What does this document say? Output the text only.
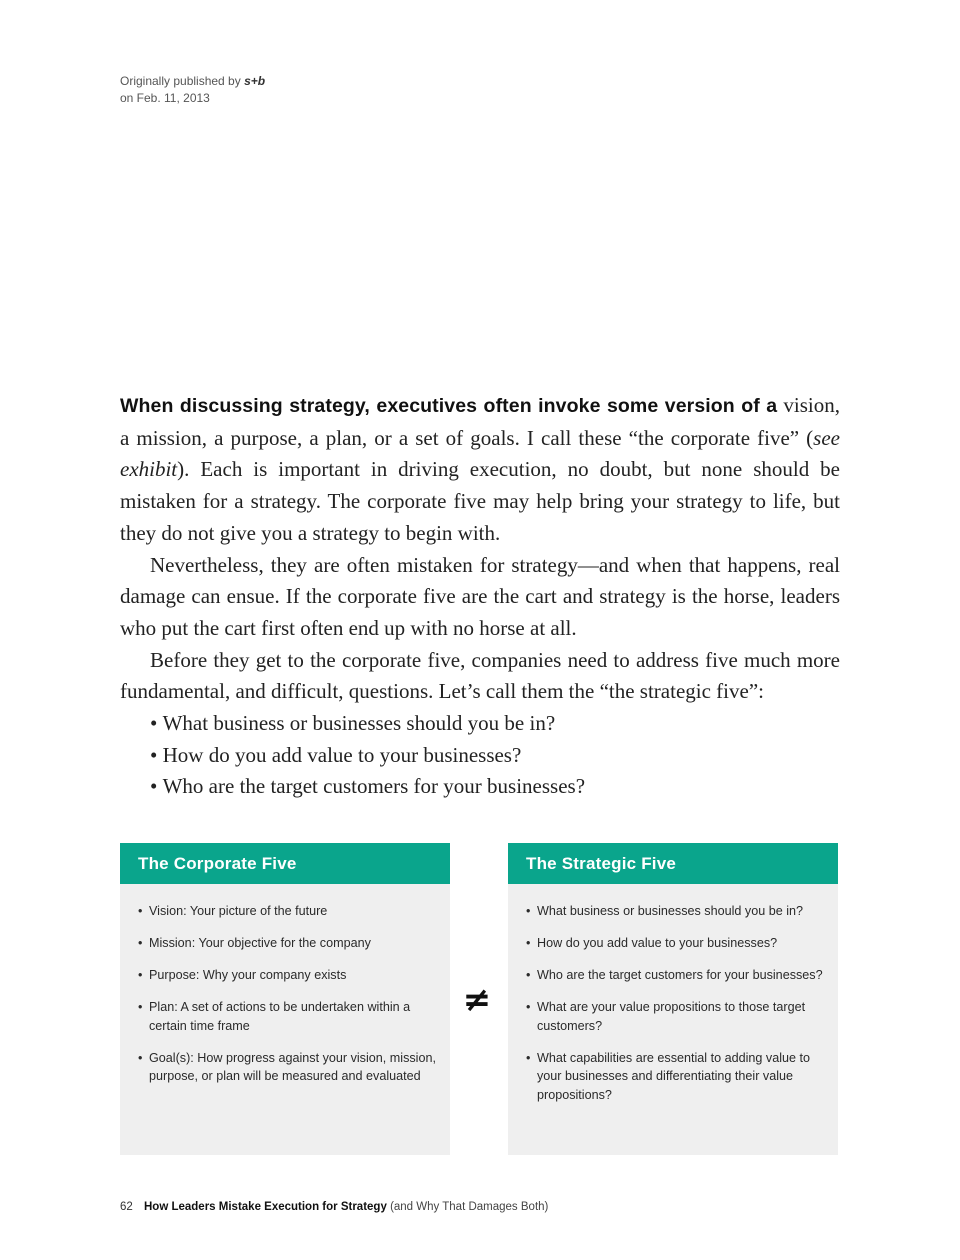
Originally published by s+b
on Feb. 11, 2013

When discussing strategy, executives often invoke some version of a vision, a mission, a purpose, a plan, or a set of goals. I call these “the corporate five” (see exhibit). Each is important in driving execution, no doubt, but none should be mistaken for a strategy. The corporate five may help bring your strategy to life, but they do not give you a strategy to begin with.

Nevertheless, they are often mistaken for strategy—and when that happens, real damage can ensue. If the corporate five are the cart and strategy is the horse, leaders who put the cart first often end up with no horse at all.

Before they get to the corporate five, companies need to address five much more fundamental, and difficult, questions. Let’s call them the “the strategic five”:

• What business or businesses should you be in?
• How do you add value to your businesses?
• Who are the target customers for your businesses?
The Corporate Five
• Vision: Your picture of the future
• Mission: Your objective for the company
• Purpose: Why your company exists
• Plan: A set of actions to be undertaken within a certain time frame
• Goal(s): How progress against your vision, mission, purpose, or plan will be measured and evaluated
≠
The Strategic Five
• What business or businesses should you be in?
• How do you add value to your businesses?
• Who are the target customers for your businesses?
• What are your value propositions to those target customers?
• What capabilities are essential to adding value to your businesses and differentiating their value propositions?
62 How Leaders Mistake Execution for Strategy (and Why That Damages Both)
